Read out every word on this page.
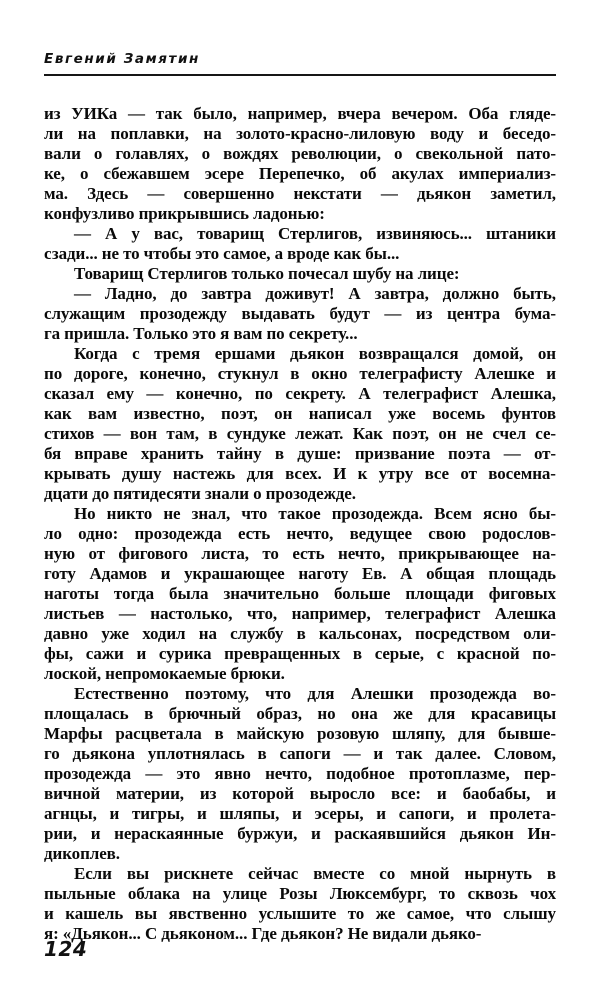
Евгений Замятин
из УИКа — так было, например, вчера вечером. Оба гляде-
ли на поплавки, на золото-красно-лиловую воду и беседо-
вали о голавлях, о вождях революции, о свекольной пато-
ке, о сбежавшем эсере Перепечко, об акулах империализ-
ма. Здесь — совершенно некстати — дьякон заметил,
конфузливо прикрывшись ладонью:
— А у вас, товарищ Стерлигов, извиняюсь... штаники
сзади... не то чтобы это самое, а вроде как бы...
Товарищ Стерлигов только почесал шубу на лице:
— Ладно, до завтра доживут! А завтра, должно быть,
служащим прозодежду выдавать будут — из центра бума-
га пришла. Только это я вам по секрету...
Когда с тремя ершами дьякон возвращался домой, он
по дороге, конечно, стукнул в окно телеграфисту Алешке и
сказал ему — конечно, по секрету. А телеграфист Алешка,
как вам известно, поэт, он написал уже восемь фунтов
стихов — вон там, в сундуке лежат. Как поэт, он не счел се-
бя вправе хранить тайну в душе: призвание поэта — от-
крывать душу настежь для всех. И к утру все от восемна-
дцати до пятидесяти знали о прозодежде.
Но никто не знал, что такое прозодежда. Всем ясно бы-
ло одно: прозодежда есть нечто, ведущее свою родослов-
ную от фигового листа, то есть нечто, прикрывающее на-
готу Адамов и украшающее наготу Ев. А общая площадь
наготы тогда была значительно больше площади фиговых
листьев — настолько, что, например, телеграфист Алешка
давно уже ходил на службу в кальсонах, посредством оли-
фы, сажи и сурика превращенных в серые, с красной по-
лоской, непромокаемые брюки.
Естественно поэтому, что для Алешки прозодежда во-
площалась в брючный образ, но она же для красавицы
Марфы расцветала в майскую розовую шляпу, для бывше-
го дьякона уплотнялась в сапоги — и так далее. Словом,
прозодежда — это явно нечто, подобное протоплазме, пер-
вичной материи, из которой выросло все: и баобабы, и
агнцы, и тигры, и шляпы, и эсеры, и сапоги, и пролета-
рии, и нераскаянные буржуи, и раскаявшийся дьякон Ин-
дикоплев.
Если вы рискнете сейчас вместе со мной нырнуть в
пыльные облака на улице Розы Люксембург, то сквозь чох
и кашель вы явственно услышите то же самое, что слышу
я: «Дьякон... С дьяконом... Где дьякон? Не видали дьяко-
124
